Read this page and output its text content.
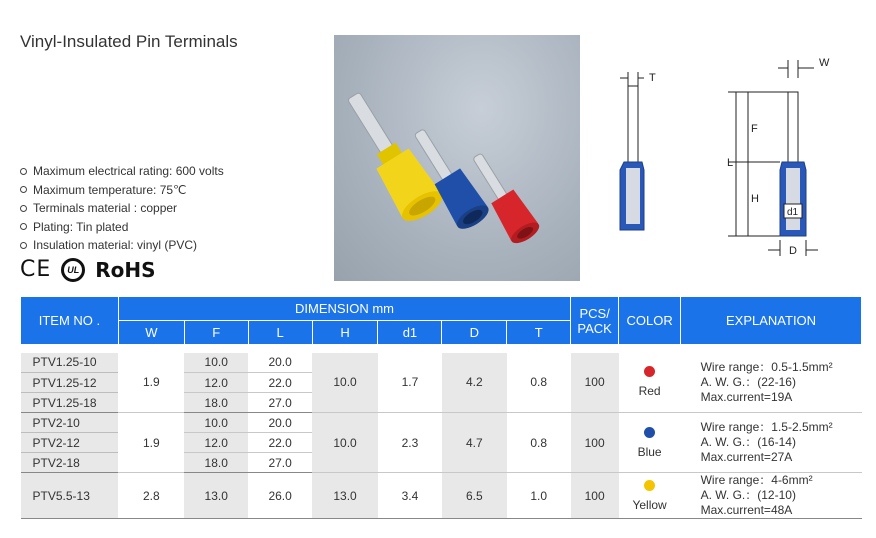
Vinyl-Insulated Pin Terminals
Maximum electrical rating: 600 volts
Maximum temperature: 75℃
Terminals material : copper
Plating: Tin plated
Insulation material: vinyl (PVC)
CE	UL RoHS
T
W
F
L
H
d1
D
ITEM NO .	DIMENSION mm							PCS/
PACK	COLOR	EXPLANATION
	W	F	L	H	d1	D	T			

PTV1.25-10	1.9	10.0	20.0	10.0	1.7	4.2	0.8	100	Red	Wire range：0.5-1.5mm²
A. W. G.：(22-16)
Max.current=19A
PTV1.25-12		12.0	22.0							
PTV1.25-18		18.0	27.0							
PTV2-10	1.9	10.0	20.0	10.0	2.3	4.7	0.8	100	Blue	Wire range：1.5-2.5mm²
A. W. G.：(16-14)
Max.current=27A
PTV2-12		12.0	22.0							
PTV2-18		18.0	27.0							
PTV5.5-13	2.8	13.0	26.0	13.0	3.4	6.5	1.0	100	Yellow	Wire range：4-6mm²
A. W. G.：(12-10)
Max.current=48A
